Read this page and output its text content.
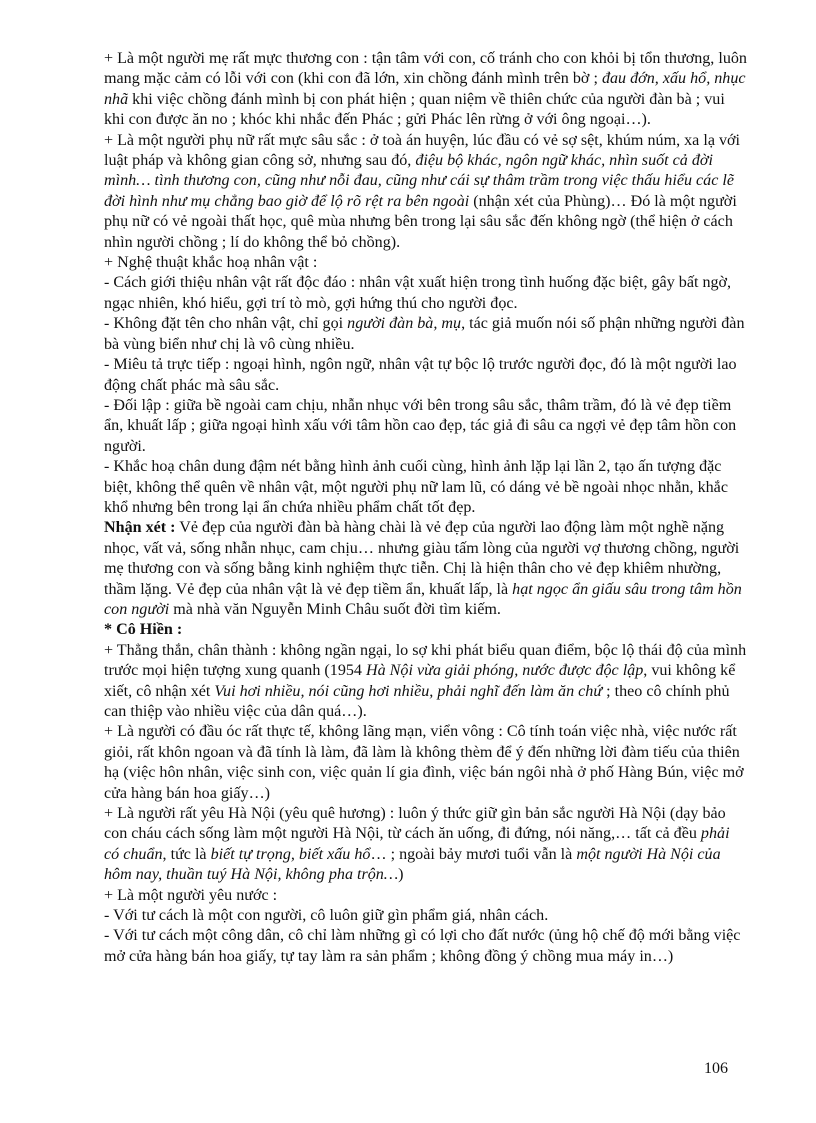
+ Là một người mẹ rất mực thương con : tận tâm với con, cố tránh cho con khỏi bị tổn thương, luôn mang mặc cảm có lỗi với con (khi con đã lớn, xin chồng đánh mình trên bờ ; đau đớn, xấu hổ, nhục nhã khi việc chồng đánh mình bị con phát hiện ; quan niệm về thiên chức của người đàn bà ; vui khi con được ăn no ; khóc khi nhắc đến Phác ; gửi Phác lên rừng ở với ông ngoại…).

+ Là một người phụ nữ rất mực sâu sắc : ở toà án huyện, lúc đầu có vẻ sợ sệt, khúm núm, xa lạ với luật pháp và không gian công sở, nhưng sau đó, điệu bộ khác, ngôn ngữ khác, nhìn suốt cả đời mình… tình thương con, cũng như nỗi đau, cũng như cái sự thâm trầm trong việc thấu hiểu các lẽ đời hình như mụ chẳng bao giờ để lộ rõ rệt ra bên ngoài (nhận xét của Phùng)… Đó là một người phụ nữ có vẻ ngoài thất học, quê mùa nhưng bên trong lại sâu sắc đến không ngờ (thể hiện ở cách nhìn người chồng ; lí do không thể bỏ chồng).

+ Nghệ thuật khắc hoạ nhân vật :

- Cách giới thiệu nhân vật rất độc đáo : nhân vật xuất hiện trong tình huống đặc biệt, gây bất ngờ, ngạc nhiên, khó hiểu, gợi trí tò mò, gợi hứng thú cho người đọc.

- Không đặt tên cho nhân vật, chỉ gọi người đàn bà, mụ, tác giả muốn nói số phận những người đàn bà vùng biển như chị là vô cùng nhiều.

- Miêu tả trực tiếp : ngoại hình, ngôn ngữ, nhân vật tự bộc lộ trước người đọc, đó là một người lao động chất phác mà sâu sắc.

- Đối lập : giữa bề ngoài cam chịu, nhẫn nhục với bên trong sâu sắc, thâm trầm, đó là vẻ đẹp tiềm ẩn, khuất lấp ; giữa ngoại hình xấu với tâm hồn cao đẹp, tác giả đi sâu ca ngợi vẻ đẹp tâm hồn con người.

- Khắc hoạ chân dung đậm nét bằng hình ảnh cuối cùng, hình ảnh lặp lại lần 2, tạo ấn tượng đặc biệt, không thể quên về nhân vật, một người phụ nữ lam lũ, có dáng vẻ bề ngoài nhọc nhằn, khắc khổ nhưng bên trong lại ẩn chứa nhiều phẩm chất tốt đẹp.

Nhận xét : Vẻ đẹp của người đàn bà hàng chài là vẻ đẹp của người lao động làm một nghề nặng nhọc, vất vả, sống nhẫn nhục, cam chịu… nhưng giàu tấm lòng của người vợ thương chồng, người mẹ thương con và sống bằng kinh nghiệm thực tiễn. Chị là hiện thân cho vẻ đẹp khiêm nhường, thầm lặng. Vẻ đẹp của nhân vật là vẻ đẹp tiềm ẩn, khuất lấp, là hạt ngọc ẩn giấu sâu trong tâm hồn con người mà nhà văn Nguyễn Minh Châu suốt đời tìm kiếm.

* Cô Hiền :

+ Thẳng thắn, chân thành : không ngần ngại, lo sợ khi phát biểu quan điểm, bộc lộ thái độ của mình trước mọi hiện tượng xung quanh (1954 Hà Nội vừa giải phóng, nước được độc lập, vui không kể xiết, cô nhận xét Vui hơi nhiều, nói cũng hơi nhiều, phải nghĩ đến làm ăn chứ ; theo cô chính phủ can thiệp vào nhiều việc của dân quá…).

+ Là người có đầu óc rất thực tế, không lãng mạn, viển vông : Cô tính toán việc nhà, việc nước rất giỏi, rất khôn ngoan và đã tính là làm, đã làm là không thèm để ý đến những lời đàm tiếu của thiên hạ (việc hôn nhân, việc sinh con, việc quản lí gia đình, việc bán ngôi nhà ở phố Hàng Bún, việc mở cửa hàng bán hoa giấy…)

+ Là người rất yêu Hà Nội (yêu quê hương) : luôn ý thức giữ gìn bản sắc người Hà Nội (dạy bảo con cháu cách sống làm một người Hà Nội, từ cách ăn uống, đi đứng, nói năng,… tất cả đều phải có chuẩn, tức là biết tự trọng, biết xấu hổ… ; ngoài bảy mươi tuổi vẫn là một người Hà Nội của hôm nay, thuần tuý Hà Nội, không pha trộn…)

+ Là một người yêu nước :

- Với tư cách là một con người, cô luôn giữ gìn phẩm giá, nhân cách.

- Với tư cách một công dân, cô chỉ làm những gì có lợi cho đất nước (ủng hộ chế độ mới bằng việc mở cửa hàng bán hoa giấy, tự tay làm ra sản phẩm ; không đồng ý chồng mua máy in…)

106
